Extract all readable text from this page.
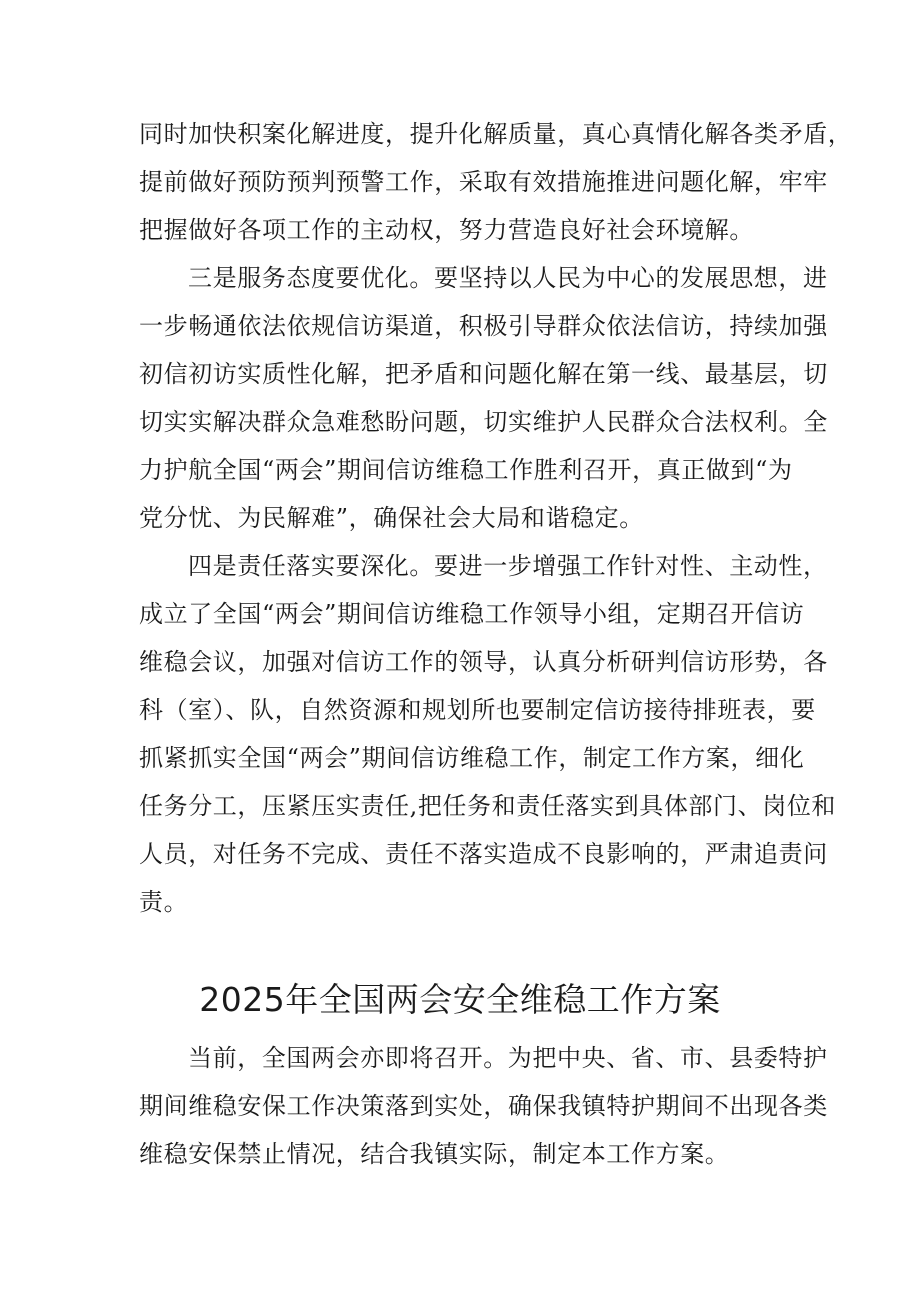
同时加快积案化解进度，提升化解质量，真心真情化解各类矛盾，
提前做好预防预判预警工作，采取有效措施推进问题化解，牢牢
把握做好各项工作的主动权，努力营造良好社会环境解。
三是服务态度要优化。要坚持以人民为中心的发展思想，进
一步畅通依法依规信访渠道，积极引导群众依法信访，持续加强
初信初访实质性化解，把矛盾和问题化解在第一线、最基层，切
切实实解决群众急难愁盼问题，切实维护人民群众合法权利。全
力护航全国“两会”期间信访维稳工作胜利召开，真正做到“为
党分忧、为民解难”，确保社会大局和谐稳定。
四是责任落实要深化。要进一步增强工作针对性、主动性，
成立了全国“两会”期间信访维稳工作领导小组，定期召开信访
维稳会议，加强对信访工作的领导，认真分析研判信访形势，各
科（室）、队，自然资源和规划所也要制定信访接待排班表，要
抓紧抓实全国“两会”期间信访维稳工作，制定工作方案，细化
任务分工，压紧压实责任,把任务和责任落实到具体部门、岗位和
人员，对任务不完成、责任不落实造成不良影响的，严肃追责问
责。
2025年全国两会安全维稳工作方案
当前，全国两会亦即将召开。为把中央、省、市、县委特护
期间维稳安保工作决策落到实处，确保我镇特护期间不出现各类
维稳安保禁止情况，结合我镇实际，制定本工作方案。
